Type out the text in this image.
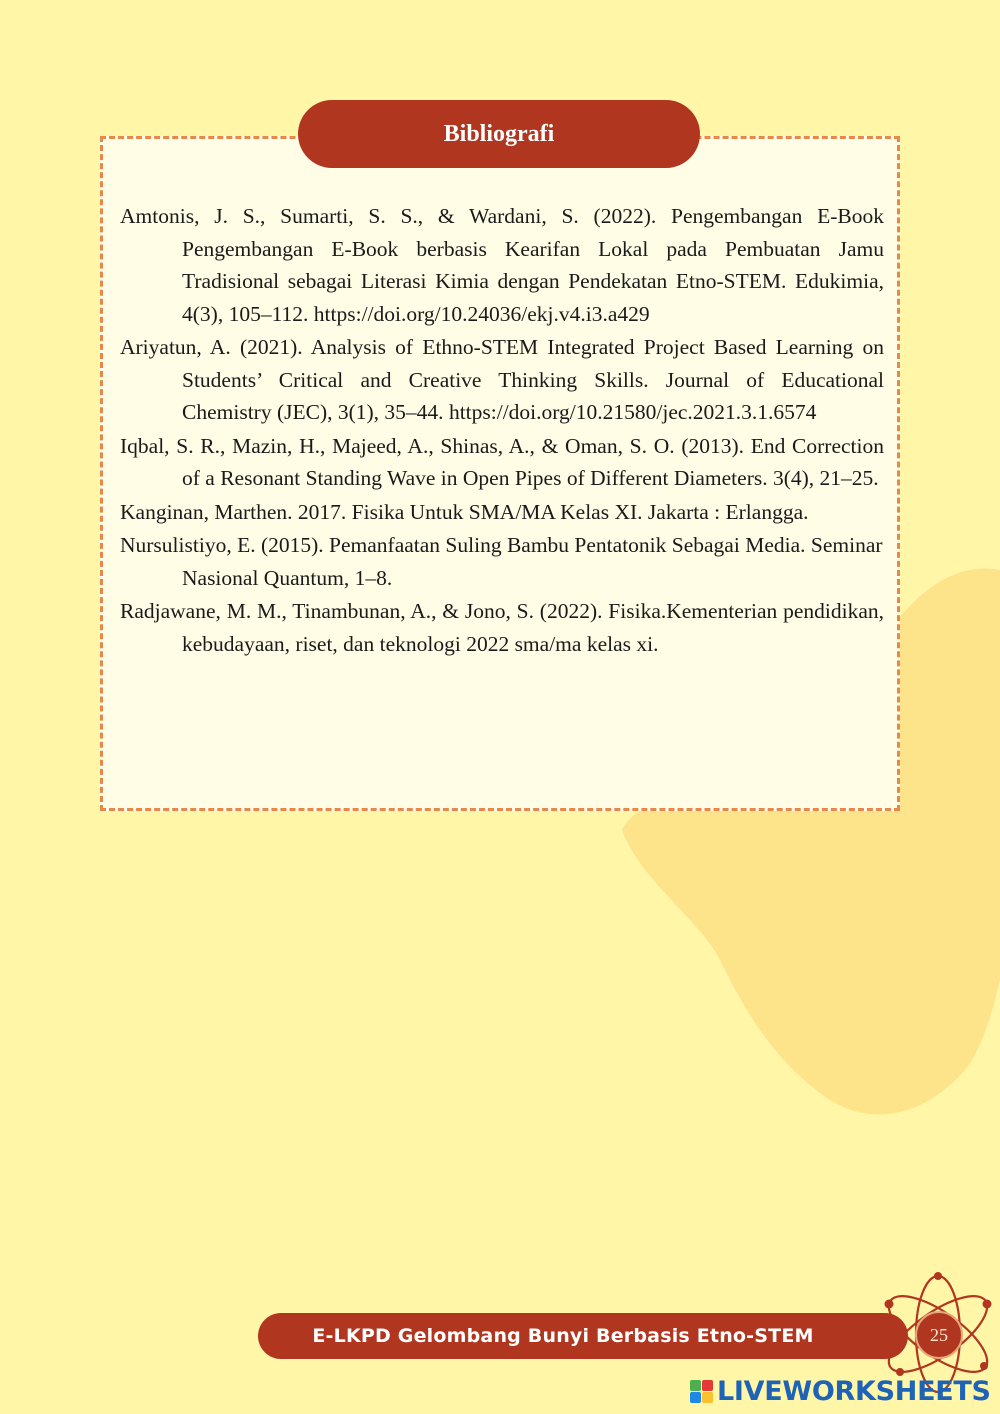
Bibliografi

Amtonis, J. S., Sumarti, S. S., & Wardani, S. (2022). Pengembangan E-Book Pengembangan E-Book berbasis Kearifan Lokal pada Pembuatan Jamu Tradisional sebagai Literasi Kimia dengan Pendekatan Etno-STEM. Edukimia, 4(3), 105–112. https://doi.org/10.24036/ekj.v4.i3.a429

Ariyatun, A. (2021). Analysis of Ethno-STEM Integrated Project Based Learning on Students’ Critical and Creative Thinking Skills. Journal of Educational Chemistry (JEC), 3(1), 35–44. https://doi.org/10.21580/jec.2021.3.1.6574

Iqbal, S. R., Mazin, H., Majeed, A., Shinas, A., & Oman, S. O. (2013). End Correction of a Resonant Standing Wave in Open Pipes of Different Diameters. 3(4), 21–25.

Kanginan, Marthen. 2017. Fisika Untuk SMA/MA Kelas XI. Jakarta : Erlangga.

Nursulistiyo, E. (2015). Pemanfaatan Suling Bambu Pentatonik Sebagai Media. Seminar Nasional Quantum, 1–8.

Radjawane, M. M., Tinambunan, A., & Jono, S. (2022). Fisika.Kementerian pendidikan, kebudayaan, riset, dan teknologi 2022 sma/ma kelas xi.

E-LKPD Gelombang Bunyi Berbasis Etno-STEM	25
LIVEWORKSHEETS
